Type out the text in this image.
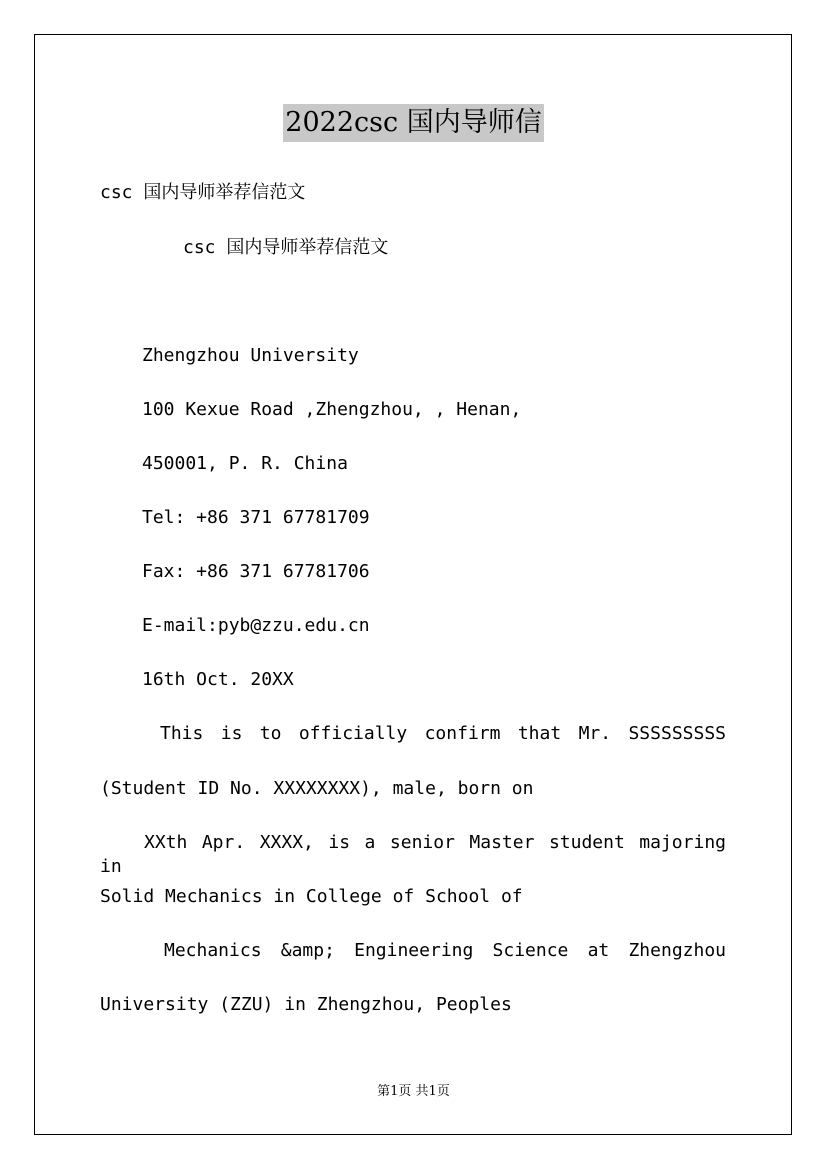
2022csc 国内导师信
csc 国内导师举荐信范文
csc 国内导师举荐信范文
Zhengzhou University
100 Kexue Road ,Zhengzhou, , Henan,
450001, P. R. China
Tel: +86 371 67781709
Fax: +86 371 67781706
E-mail:pyb@zzu.edu.cn
16th Oct. 20XX
This is to officially confirm that Mr. SSSSSSSSS
(Student ID No. XXXXXXXX), male, born on
XXth Apr. XXXX, is a senior Master student majoring in
Solid Mechanics in College of School of
Mechanics &amp; Engineering Science at Zhengzhou
University (ZZU) in Zhengzhou, Peoples
第1页 共1页
